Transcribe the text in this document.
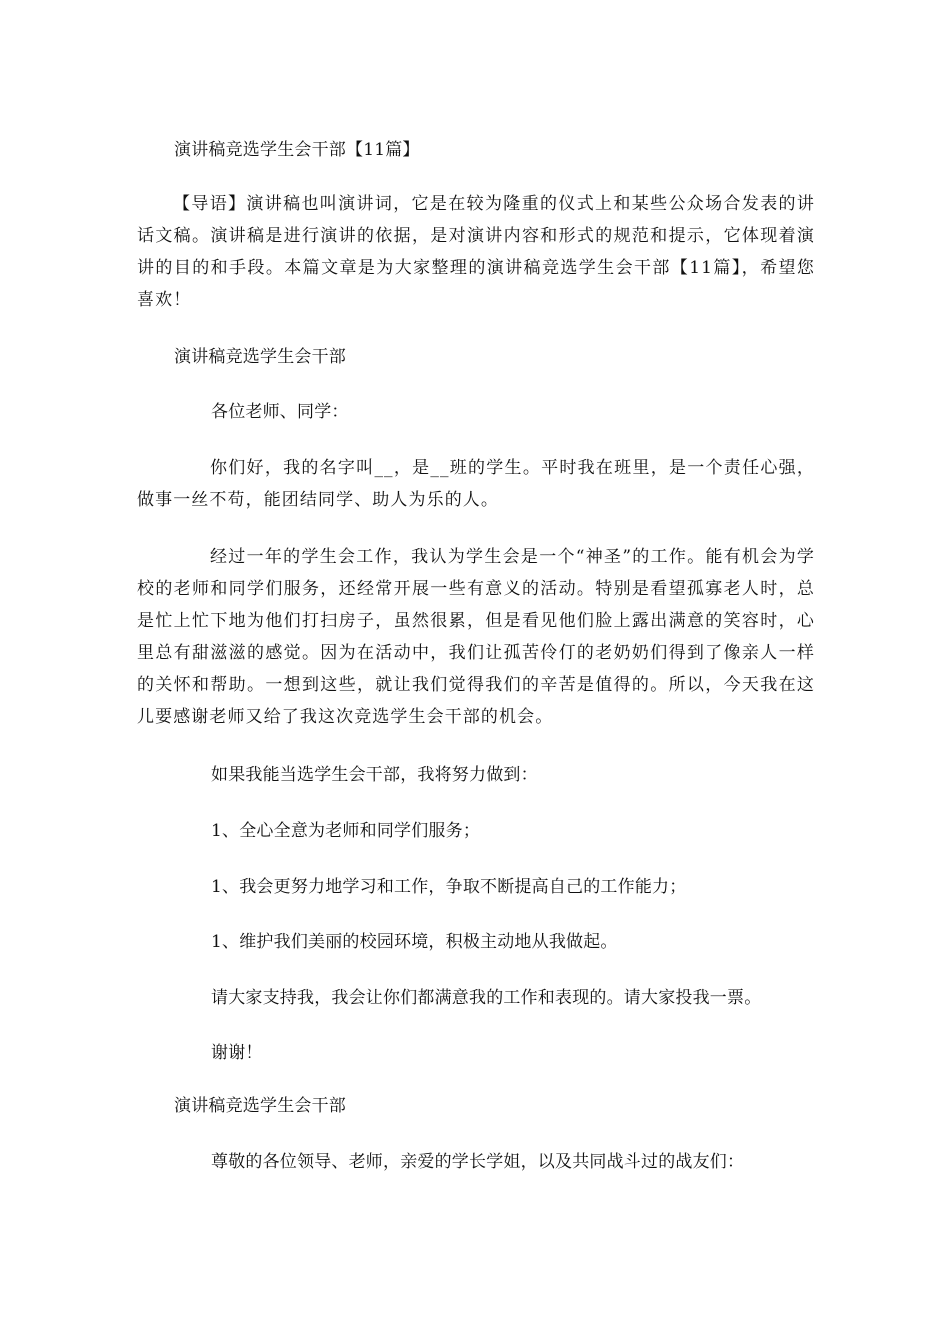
演讲稿竞选学生会干部【11篇】

【导语】演讲稿也叫演讲词，它是在较为隆重的仪式上和某些公众场合发表的讲话文稿。演讲稿是进行演讲的依据，是对演讲内容和形式的规范和提示，它体现着演讲的目的和手段。本篇文章是为大家整理的演讲稿竞选学生会干部【11篇】，希望您喜欢！

演讲稿竞选学生会干部
各位老师、同学：

你们好，我的名字叫__，是__班的学生。平时我在班里，是一个责任心强，做事一丝不苟，能团结同学、助人为乐的人。

经过一年的学生会工作，我认为学生会是一个“神圣”的工作。能有机会为学校的老师和同学们服务，还经常开展一些有意义的活动。特别是看望孤寡老人时，总是忙上忙下地为他们打扫房子，虽然很累，但是看见他们脸上露出满意的笑容时，心里总有甜滋滋的感觉。因为在活动中，我们让孤苦伶仃的老奶奶们得到了像亲人一样的关怀和帮助。一想到这些，就让我们觉得我们的辛苦是值得的。所以，今天我在这儿要感谢老师又给了我这次竞选学生会干部的机会。

如果我能当选学生会干部，我将努力做到：
1、全心全意为老师和同学们服务；
1、我会更努力地学习和工作，争取不断提高自己的工作能力；
1、维护我们美丽的校园环境，积极主动地从我做起。
请大家支持我，我会让你们都满意我的工作和表现的。请大家投我一票。
谢谢！
演讲稿竞选学生会干部
尊敬的各位领导、老师，亲爱的学长学姐，以及共同战斗过的战友们：
